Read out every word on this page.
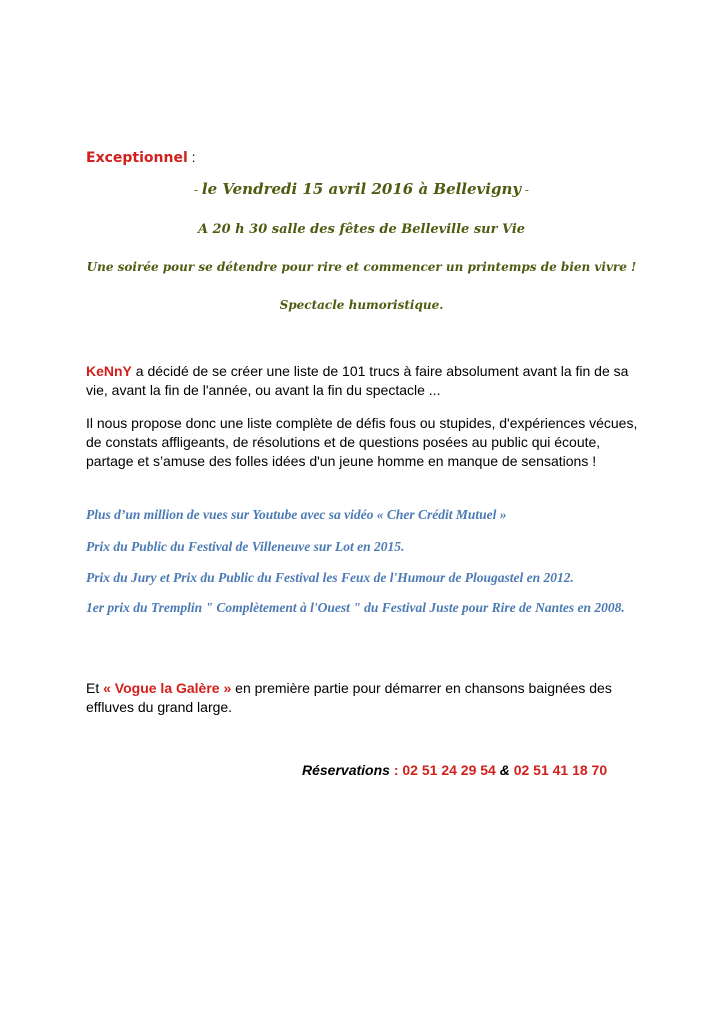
Exceptionnel :
- le Vendredi 15 avril 2016 à Bellevigny -
A 20 h 30 salle des fêtes de Belleville sur Vie
Une soirée pour se détendre pour rire et commencer un printemps de bien vivre !
Spectacle humoristique.
KeNnY a décidé de se créer une liste de 101 trucs à faire absolument avant la fin de sa vie, avant la fin de l'année, ou avant la fin du spectacle ...
Il nous propose donc une liste complète de défis fous ou stupides, d'expériences vécues, de constats affligeants, de résolutions et de questions posées au public qui écoute, partage et s’amuse des folles idées d'un jeune homme en manque de sensations !
Plus d’un million de vues sur Youtube avec sa vidéo « Cher Crédit Mutuel »
Prix du Public du Festival de Villeneuve sur Lot en 2015.
Prix du Jury et Prix du Public du Festival les Feux de l'Humour de Plougastel en 2012.
1er prix du Tremplin " Complètement à l'Ouest " du Festival Juste pour Rire de Nantes en 2008.
Et « Vogue la Galère » en première partie pour démarrer en chansons baignées des effluves du grand large.
Réservations : 02 51 24 29 54 & 02 51 41 18 70
